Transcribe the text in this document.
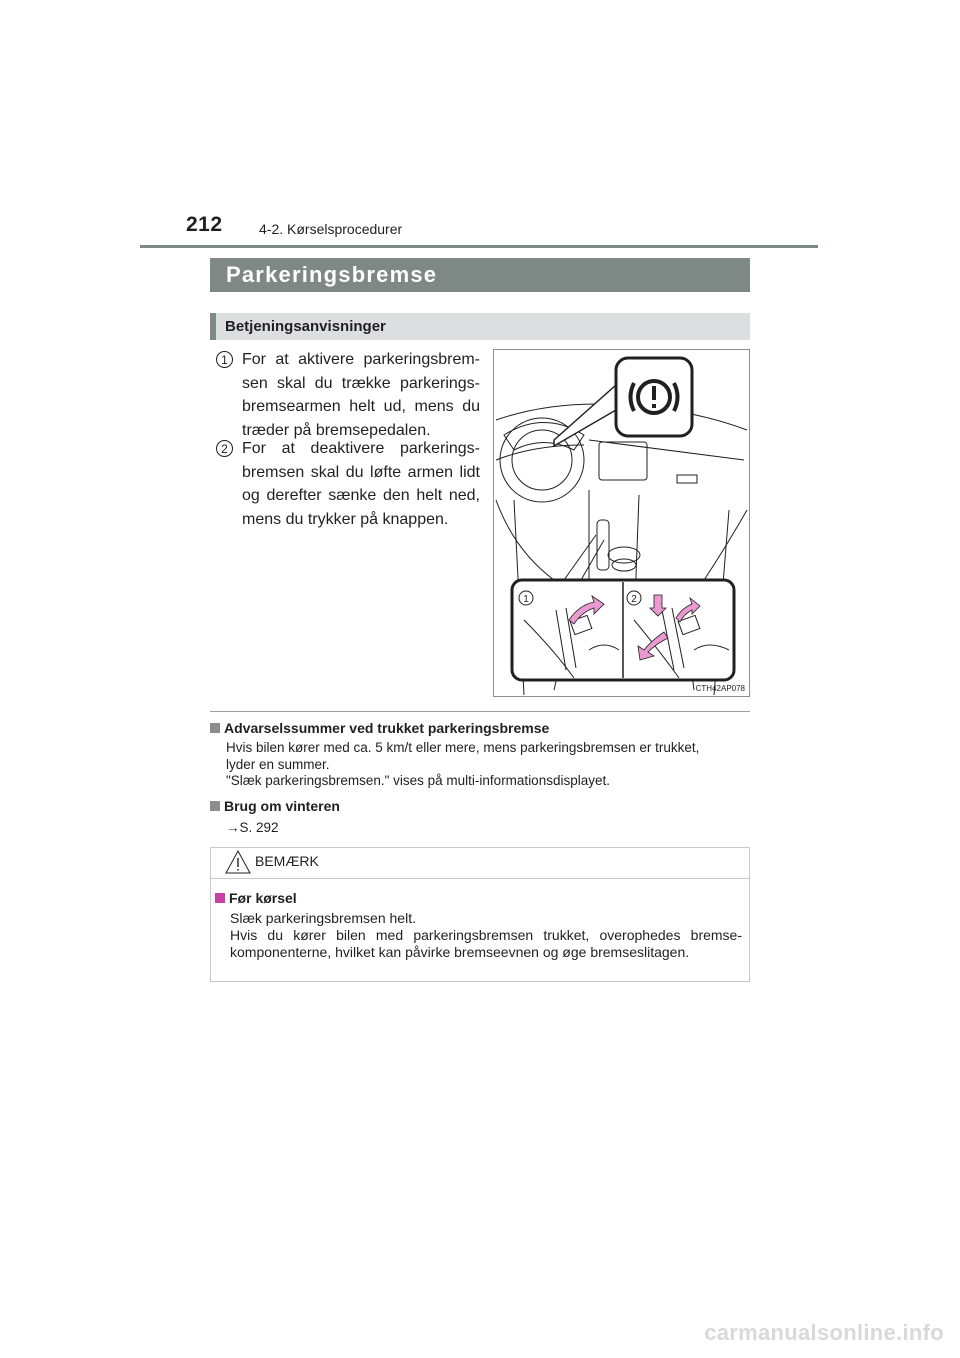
212	4-2. Kørselsprocedurer
Parkeringsbremse
Betjeningsanvisninger
1 For at aktivere parkeringsbrem-sen skal du trække parkerings-bremsearmen helt ud, mens du træder på bremsepedalen.
2 For at deaktivere parkerings-bremsen skal du løfte armen lidt og derefter sænke den helt ned, mens du trykker på knappen.
1	2
CTH42AP078
Advarselssummer ved trukket parkeringsbremse
Hvis bilen kører med ca. 5 km/t eller mere, mens parkeringsbremsen er trukket,
lyder en summer.
"Slæk parkeringsbremsen." vises på multi-informationsdisplayet.
Brug om vinteren
→S. 292
BEMÆRK
Før kørsel
Slæk parkeringsbremsen helt.
Hvis du kører bilen med parkeringsbremsen trukket, overophedes bremse-komponenterne, hvilket kan påvirke bremseevnen og øge bremseslitagen.
carmanualsonline.info
